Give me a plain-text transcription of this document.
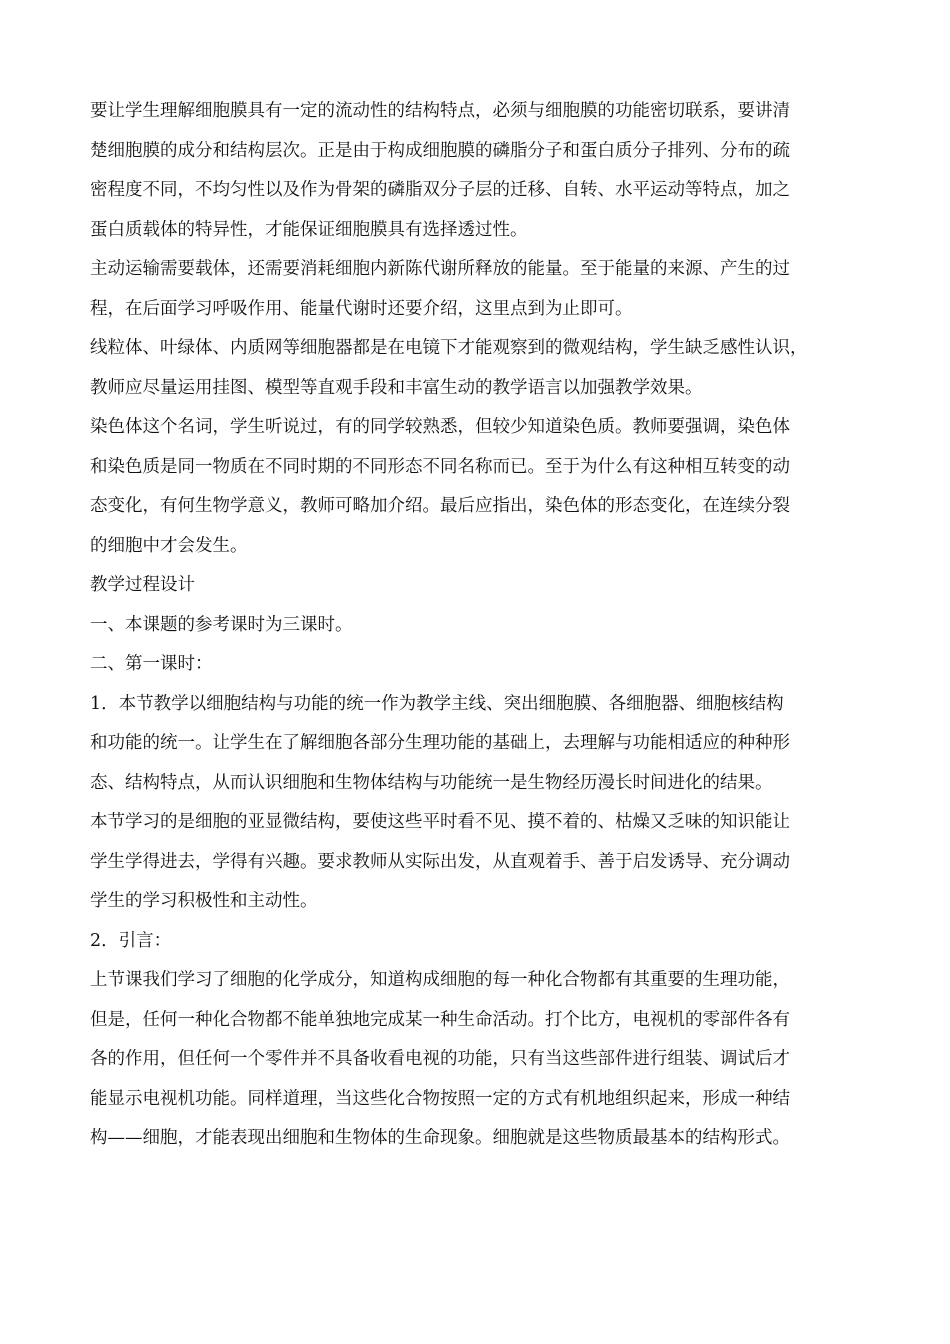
要让学生理解细胞膜具有一定的流动性的结构特点，必须与细胞膜的功能密切联系，要讲清
楚细胞膜的成分和结构层次。正是由于构成细胞膜的磷脂分子和蛋白质分子排列、分布的疏
密程度不同，不均匀性以及作为骨架的磷脂双分子层的迁移、自转、水平运动等特点，加之
蛋白质载体的特异性，才能保证细胞膜具有选择透过性。

主动运输需要载体，还需要消耗细胞内新陈代谢所释放的能量。至于能量的来源、产生的过
程，在后面学习呼吸作用、能量代谢时还要介绍，这里点到为止即可。

线粒体、叶绿体、内质网等细胞器都是在电镜下才能观察到的微观结构，学生缺乏感性认识，
教师应尽量运用挂图、模型等直观手段和丰富生动的教学语言以加强教学效果。

染色体这个名词，学生听说过，有的同学较熟悉，但较少知道染色质。教师要强调，染色体
和染色质是同一物质在不同时期的不同形态不同名称而已。至于为什么有这种相互转变的动
态变化，有何生物学意义，教师可略加介绍。最后应指出，染色体的形态变化，在连续分裂
的细胞中才会发生。

教学过程设计

一、本课题的参考课时为三课时。

二、第一课时：

1．本节教学以细胞结构与功能的统一作为教学主线、突出细胞膜、各细胞器、细胞核结构
和功能的统一。让学生在了解细胞各部分生理功能的基础上，去理解与功能相适应的种种形
态、结构特点，从而认识细胞和生物体结构与功能统一是生物经历漫长时间进化的结果。

本节学习的是细胞的亚显微结构，要使这些平时看不见、摸不着的、枯燥又乏味的知识能让
学生学得进去，学得有兴趣。要求教师从实际出发，从直观着手、善于启发诱导、充分调动
学生的学习积极性和主动性。

2．引言：

上节课我们学习了细胞的化学成分，知道构成细胞的每一种化合物都有其重要的生理功能，
但是，任何一种化合物都不能单独地完成某一种生命活动。打个比方，电视机的零部件各有
各的作用，但任何一个零件并不具备收看电视的功能，只有当这些部件进行组装、调试后才
能显示电视机功能。同样道理，当这些化合物按照一定的方式有机地组织起来，形成一种结
构——细胞，才能表现出细胞和生物体的生命现象。细胞就是这些物质最基本的结构形式。
